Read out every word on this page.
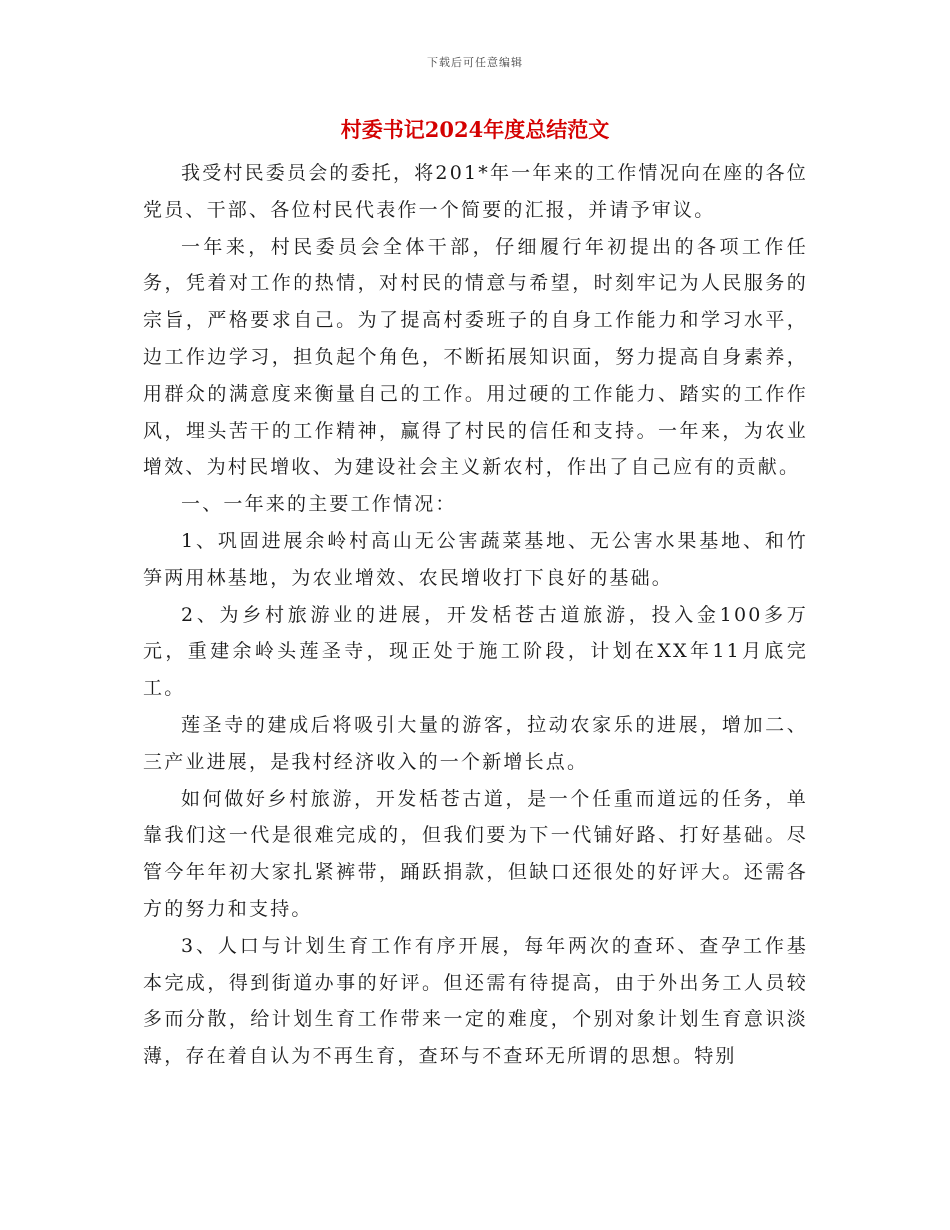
下载后可任意编辑
村委书记2024年度总结范文

我受村民委员会的委托，将201*年一年来的工作情况向在座的各位党员、干部、各位村民代表作一个简要的汇报，并请予审议。

一年来，村民委员会全体干部，仔细履行年初提出的各项工作任务，凭着对工作的热情，对村民的情意与希望，时刻牢记为人民服务的宗旨，严格要求自己。为了提高村委班子的自身工作能力和学习水平，边工作边学习，担负起个角色，不断拓展知识面，努力提高自身素养，用群众的满意度来衡量自己的工作。用过硬的工作能力、踏实的工作作风，埋头苦干的工作精神，赢得了村民的信任和支持。一年来，为农业增效、为村民增收、为建设社会主义新农村，作出了自己应有的贡献。

一、一年来的主要工作情况：

1、巩固进展余岭村高山无公害蔬菜基地、无公害水果基地、和竹笋两用林基地，为农业增效、农民增收打下良好的基础。

2、为乡村旅游业的进展，开发栝苍古道旅游，投入金100多万元，重建余岭头莲圣寺，现正处于施工阶段，计划在XX年11月底完工。

莲圣寺的建成后将吸引大量的游客，拉动农家乐的进展，增加二、三产业进展，是我村经济收入的一个新增长点。

如何做好乡村旅游，开发栝苍古道，是一个任重而道远的任务，单靠我们这一代是很难完成的，但我们要为下一代铺好路、打好基础。尽管今年年初大家扎紧裤带，踊跃捐款，但缺口还很处的好评大。还需各方的努力和支持。

3、人口与计划生育工作有序开展，每年两次的查环、查孕工作基本完成，得到街道办事的好评。但还需有待提高，由于外出务工人员较多而分散，给计划生育工作带来一定的难度，个别对象计划生育意识淡薄，存在着自认为不再生育，查环与不查环无所谓的思想。特别
